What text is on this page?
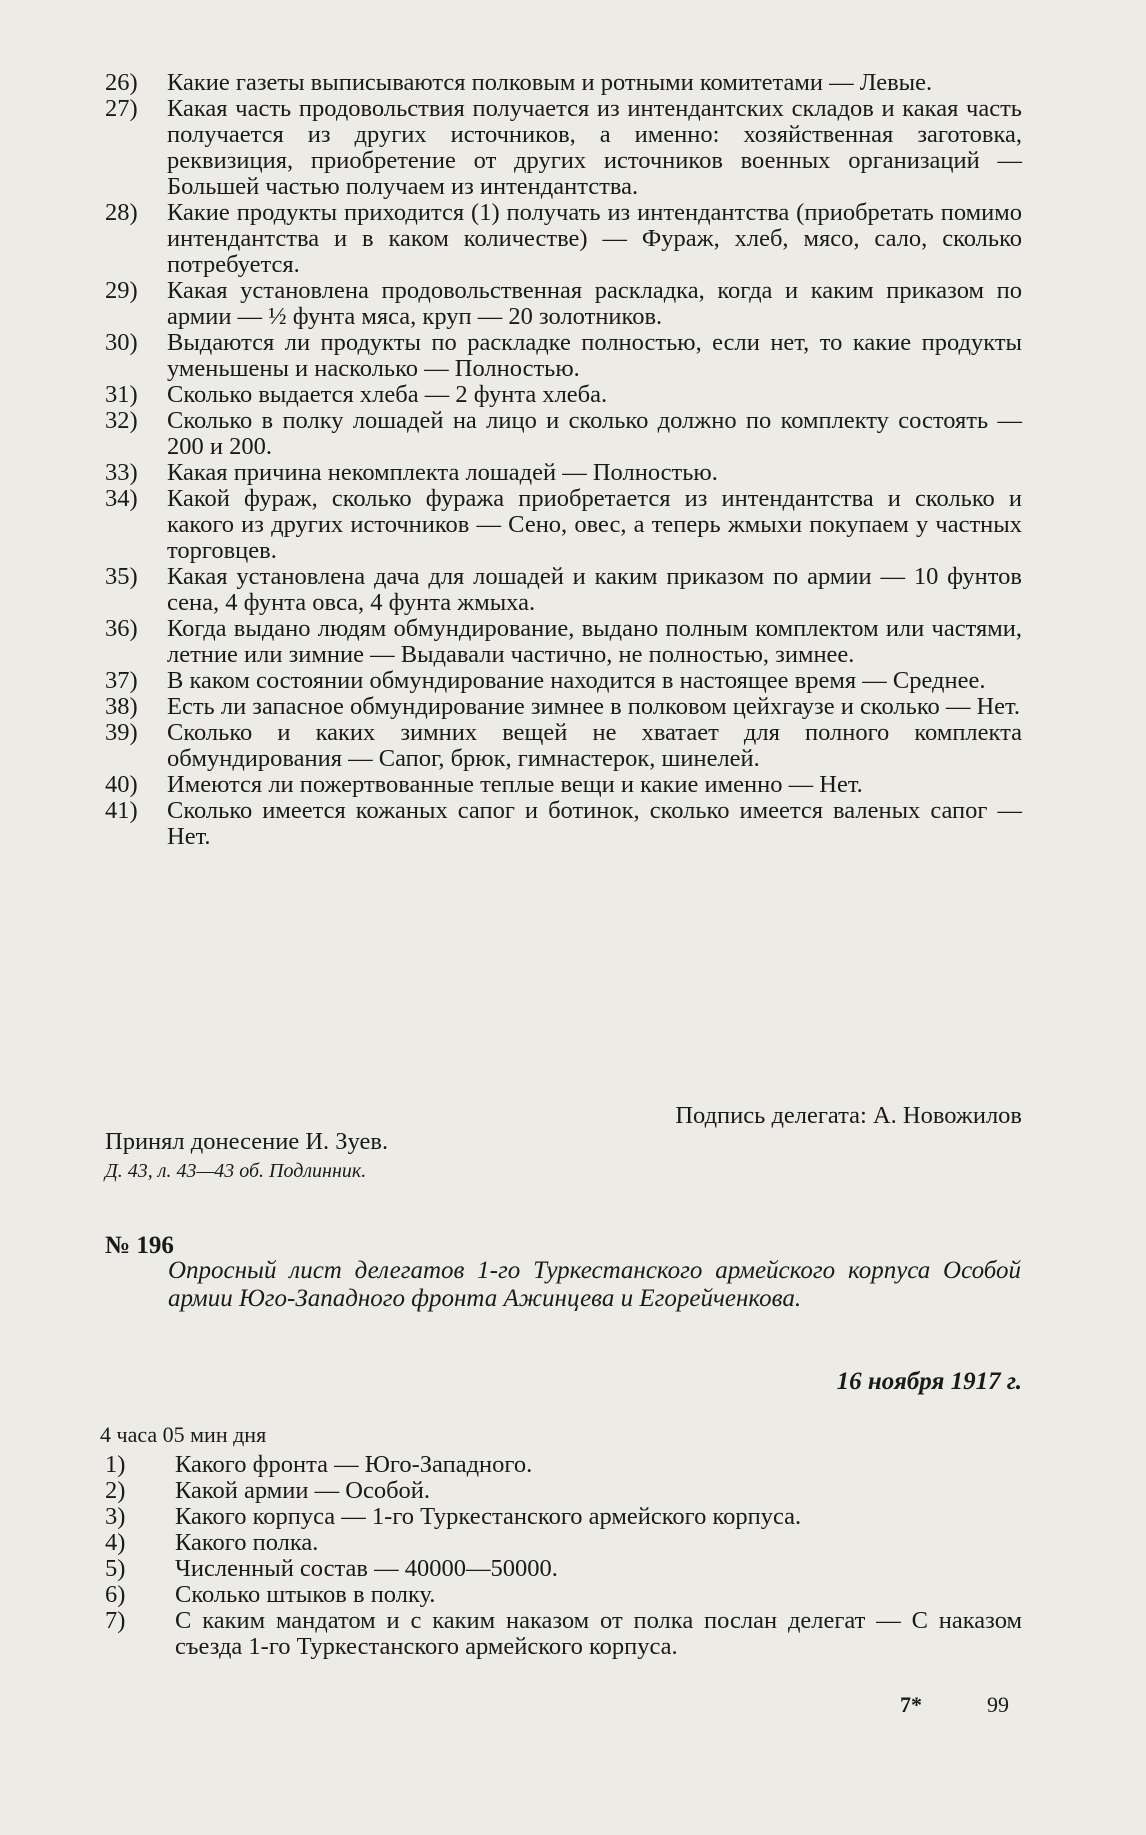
26) Какие газеты выписываются полковым и ротными комитетами — Левые.
27) Какая часть продовольствия получается из интендантских складов и какая часть получается из других источников, а именно: хозяйственная заготовка, реквизиция, приобретение от других источников военных организаций — Большей частью получаем из интендантства.
28) Какие продукты приходится (1) получать из интендантства (приобретать помимо интендантства и в каком количестве) — Фураж, хлеб, мясо, сало, сколько потребуется.
29) Какая установлена продовольственная раскладка, когда и каким приказом по армии — ½ фунта мяса, круп — 20 золотников.
30) Выдаются ли продукты по раскладке полностью, если нет, то какие продукты уменьшены и насколько — Полностью.
31) Сколько выдается хлеба — 2 фунта хлеба.
32) Сколько в полку лошадей на лицо и сколько должно по комплекту состоять — 200 и 200.
33) Какая причина некомплекта лошадей — Полностью.
34) Какой фураж, сколько фуража приобретается из интендантства и сколько и какого из других источников — Сено, овес, а теперь жмыхи покупаем у частных торговцев.
35) Какая установлена дача для лошадей и каким приказом по армии — 10 фунтов сена, 4 фунта овса, 4 фунта жмыха.
36) Когда выдано людям обмундирование, выдано полным комплектом или частями, летние или зимние — Выдавали частично, не полностью, зимнее.
37) В каком состоянии обмундирование находится в настоящее время — Среднее.
38) Есть ли запасное обмундирование зимнее в полковом цейхгаузе и сколько — Нет.
39) Сколько и каких зимних вещей не хватает для полного комплекта обмундирования — Сапог, брюк, гимнастерок, шинелей.
40) Имеются ли пожертвованные теплые вещи и какие именно — Нет.
41) Сколько имеется кожаных сапог и ботинок, сколько имеется валеных сапог — Нет.
Подпись делегата: А. Новожилов
Принял донесение И. Зуев.
Д. 43, л. 43—43 об. Подлинник.
№ 196
Опросный лист делегатов 1-го Туркестанского армейского корпуса Особой армии Юго-Западного фронта Ажинцева и Егорейченкова.
16 ноября 1917 г.
4 часа 05 мин дня
1) Какого фронта — Юго-Западного.
2) Какой армии — Особой.
3) Какого корпуса — 1-го Туркестанского армейского корпуса.
4) Какого полка.
5) Численный состав — 40000—50000.
6) Сколько штыков в полку.
7) С каким мандатом и с каким наказом от полка послан делегат — С наказом съезда 1-го Туркестанского армейского корпуса.
7*	99
